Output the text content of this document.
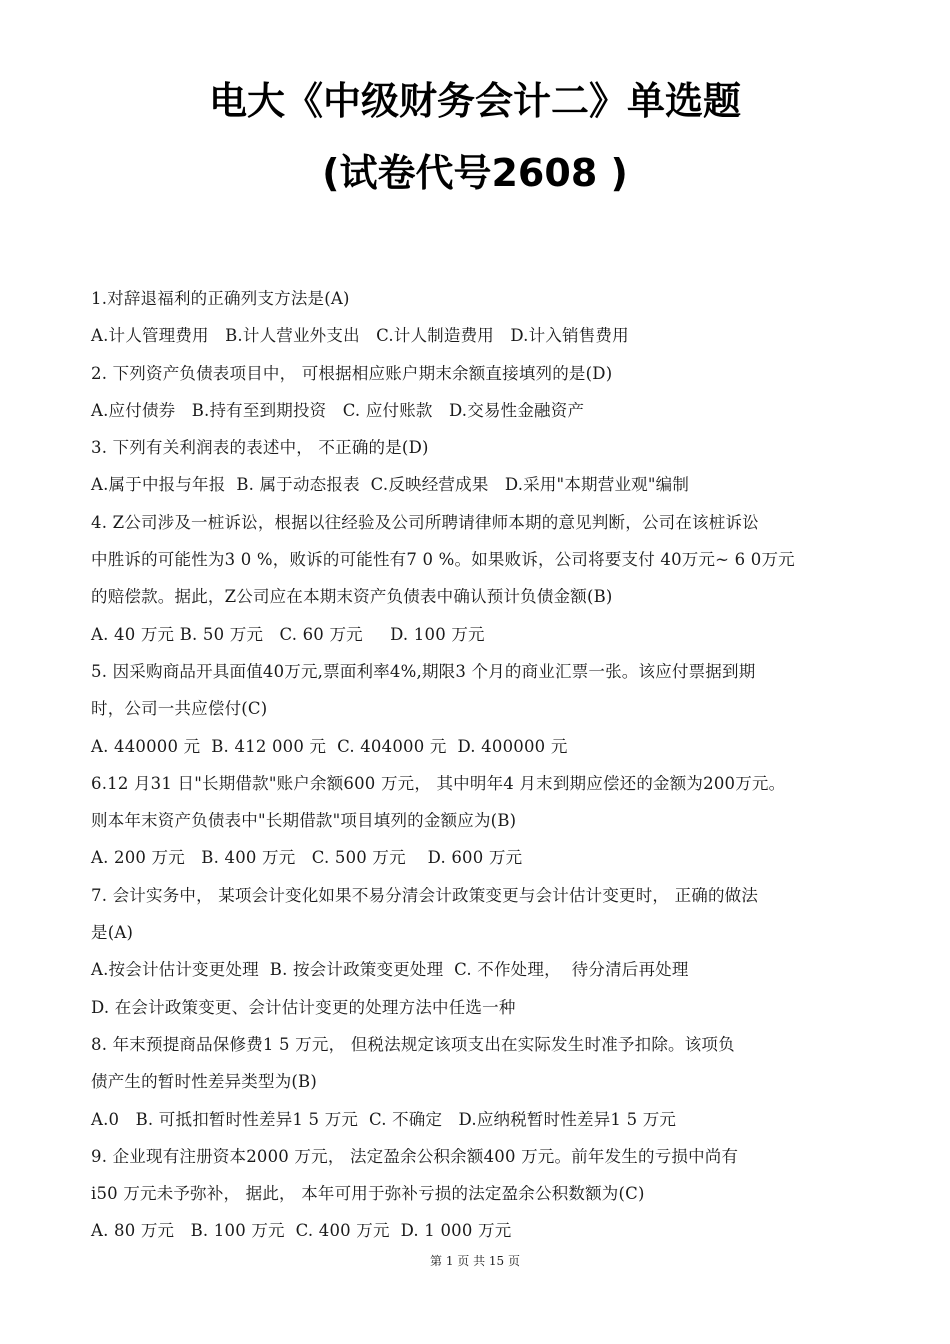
电大《中级财务会计二》单选题
(试卷代号2608 )
1.对辞退福利的正确列支方法是(A)
A.计人管理费用   B.计人营业外支出   C.计人制造费用   D.计入销售费用
2. 下列资产负债表项目中， 可根据相应账户期末余额直接填列的是(D)
A.应付债券   B.持有至到期投资   C. 应付账款   D.交易性金融资产
3. 下列有关利润表的表述中， 不正确的是(D)
A.属于中报与年报  B. 属于动态报表  C.反映经营成果   D.采用"本期营业观"编制
4. Z公司涉及一桩诉讼，根据以往经验及公司所聘请律师本期的意见判断，公司在该桩诉讼
中胜诉的可能性为3 0 %，败诉的可能性有7 0 %。如果败诉，公司将要支付 40万元~ 6 0万元
的赔偿款。据此，Z公司应在本期末资产负债表中确认预计负债金额(B)
A. 40 万元 B. 50 万元   C. 60 万元     D. 100 万元
5. 因采购商品开具面值40万元,票面利率4%,期限3 个月的商业汇票一张。该应付票据到期
时，公司一共应偿付(C)
A. 440000 元  B. 412 000 元  C. 404000 元  D. 400000 元
6.12 月31 日"长期借款"账户余额600 万元， 其中明年4 月末到期应偿还的金额为200万元。
则本年末资产负债表中"长期借款"项目填列的金额应为(B)
A. 200 万元   B. 400 万元   C. 500 万元    D. 600 万元
7. 会计实务中， 某项会计变化如果不易分清会计政策变更与会计估计变更时， 正确的做法
是(A)
A.按会计估计变更处理  B. 按会计政策变更处理  C. 不作处理，  待分清后再处理
D. 在会计政策变更、会计估计变更的处理方法中任选一种
8. 年末预提商品保修费1 5 万元， 但税法规定该项支出在实际发生时准予扣除。该项负
债产生的暂时性差异类型为(B)
A.0   B. 可抵扣暂时性差异1 5 万元  C. 不确定   D.应纳税暂时性差异1 5 万元
9. 企业现有注册资本2000 万元， 法定盈余公积余额400 万元。前年发生的亏损中尚有
i50 万元未予弥补， 据此， 本年可用于弥补亏损的法定盈余公积数额为(C)
A. 80 万元   B. 100 万元  C. 400 万元  D. 1 000 万元
第 1 页 共 15 页
